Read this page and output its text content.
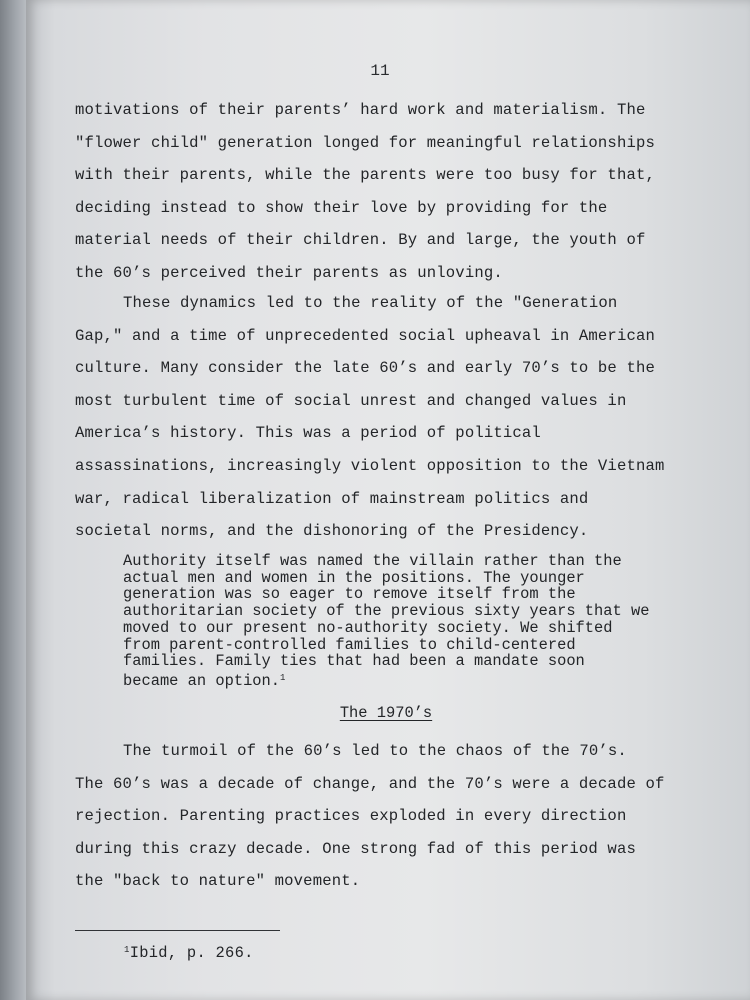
11
motivations of their parents’ hard work and materialism. The
"flower child" generation longed for meaningful relationships
with their parents, while the parents were too busy for that,
deciding instead to show their love by providing for the
material needs of their children. By and large, the youth of
the 60’s perceived their parents as unloving.
These dynamics led to the reality of the "Generation
Gap," and a time of unprecedented social upheaval in American
culture. Many consider the late 60’s and early 70’s to be the
most turbulent time of social unrest and changed values in
America’s history. This was a period of political
assassinations, increasingly violent opposition to the Vietnam
war, radical liberalization of mainstream politics and
societal norms, and the dishonoring of the Presidency.
Authority itself was named the villain rather than the
actual men and women in the positions. The younger
generation was so eager to remove itself from the
authoritarian society of the previous sixty years that we
moved to our present no-authority society. We shifted
from parent-controlled families to child-centered
families. Family ties that had been a mandate soon
became an option.$^1$
The 1970’s
The turmoil of the 60’s led to the chaos of the 70’s.
The 60’s was a decade of change, and the 70’s were a decade of
rejection. Parenting practices exploded in every direction
during this crazy decade. One strong fad of this period was
the "back to nature" movement.
$^1$Ibid, p. 266.
